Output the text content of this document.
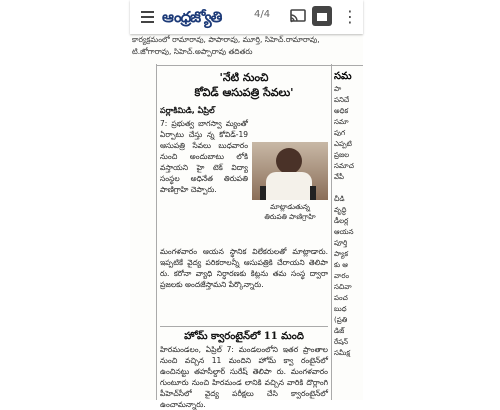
ఆంధ్రజ్యోతి	4/4	⋮
కార్యక్రమంలో రామారావు, పాపారావు, మూర్తి, సిహెచ్.రామారావు, టి.జోగారావు, సిహెచ్.అప్పారావు తదితరు
'నేటి నుంచి
కోవిడ్ ఆసుపత్రి సేవలు'
పర్లాకిమిడి, ఏప్రిల్
7: ప్రభుత్వ బాగస్వా మ్యంతో ఏర్పాటు చేస్తు న్న కోవిడ్-19 ఆసుపత్రి సేవలు బుధవారం నుంచి అందుబాటు లోకి వస్తాయని హై టెక్ విద్యా సంస్థల అధినేత తిరుపతి పాణిగ్రాహి చెప్పారు.
మాట్లాడుతున్న
తిరుపతి పాణిగ్రాహి
మంగళవారం ఆయన స్థానిక విలేకరులతో మాట్లాడారు. ఇప్పటికే వైద్య పరికరాలన్నీ ఆసుపత్రికి చేరాయని తెలిపా రు. కరోనా వ్యాధి నిర్ధారణకు కిట్లను తమ సంస్థ ద్వారా ప్రజలకు అందజేస్తామని పేర్కొన్నారు.
హోమ్ క్వారంటైన్‌లో 11 మంది
హిరమండలం, ఏప్రిల్ 7: మండలంలోని ఇతర ప్రాంతాల నుంచి వచ్చిన 11 మందిని హోమ్ క్వా రంటైన్‌లో ఉంచినట్టు తహసీల్దార్ సురేష్ తెలిపా రు. మంగళవారం గుంటూరు నుంచి హిరమండ లానికి వచ్చిన వారికి దొర్లాంగి పీహెచ్‌సీలో వైద్య పరీక్షలు చేసి క్వారంటైన్‌లో ఉంచామన్నారు.
సమ
పా
పనిచే
అధిక
సమా
పుగ
ఎప్పటి
ప్రజల
సమాచ
వేపీ

చీడి
వృద్ధి
డీలర్ల
ఆయన
పూర్తి
ప్యాక
కు ఆ
వారం
సచివా
పంచ
బుధ
(ప్రతి
డిజ్
రేషన్
సమీక్ష
